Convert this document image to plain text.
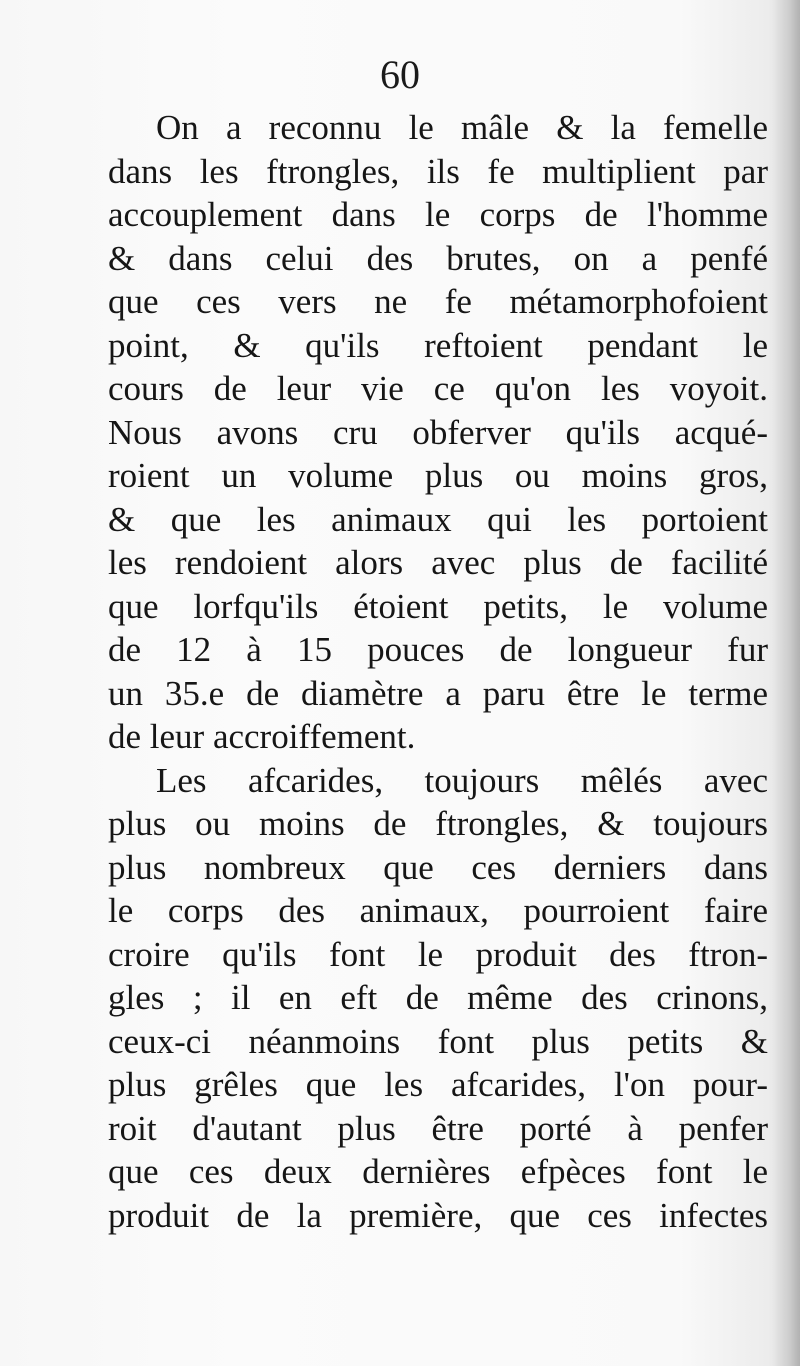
60
On a reconnu le mâle & la femelle
dans les ftrongles, ils fe multiplient par
accouplement dans le corps de l'homme
& dans celui des brutes, on a penfé
que ces vers ne fe métamorphofoient
point, & qu'ils reftoient pendant le
cours de leur vie ce qu'on les voyoit.
Nous avons cru obferver qu'ils acqué-
roient un volume plus ou moins gros,
& que les animaux qui les portoient
les rendoient alors avec plus de facilité
que lorfqu'ils étoient petits, le volume
de 12 à 15 pouces de longueur fur
un 35.e de diamètre a paru être le terme
de leur accroiffement.
Les afcarides, toujours mêlés avec
plus ou moins de ftrongles, & toujours
plus nombreux que ces derniers dans
le corps des animaux, pourroient faire
croire qu'ils font le produit des ftron-
gles ; il en eft de même des crinons,
ceux-ci néanmoins font plus petits &
plus grêles que les afcarides, l'on pour-
roit d'autant plus être porté à penfer
que ces deux dernières efpèces font le
produit de la première, que ces infectes
